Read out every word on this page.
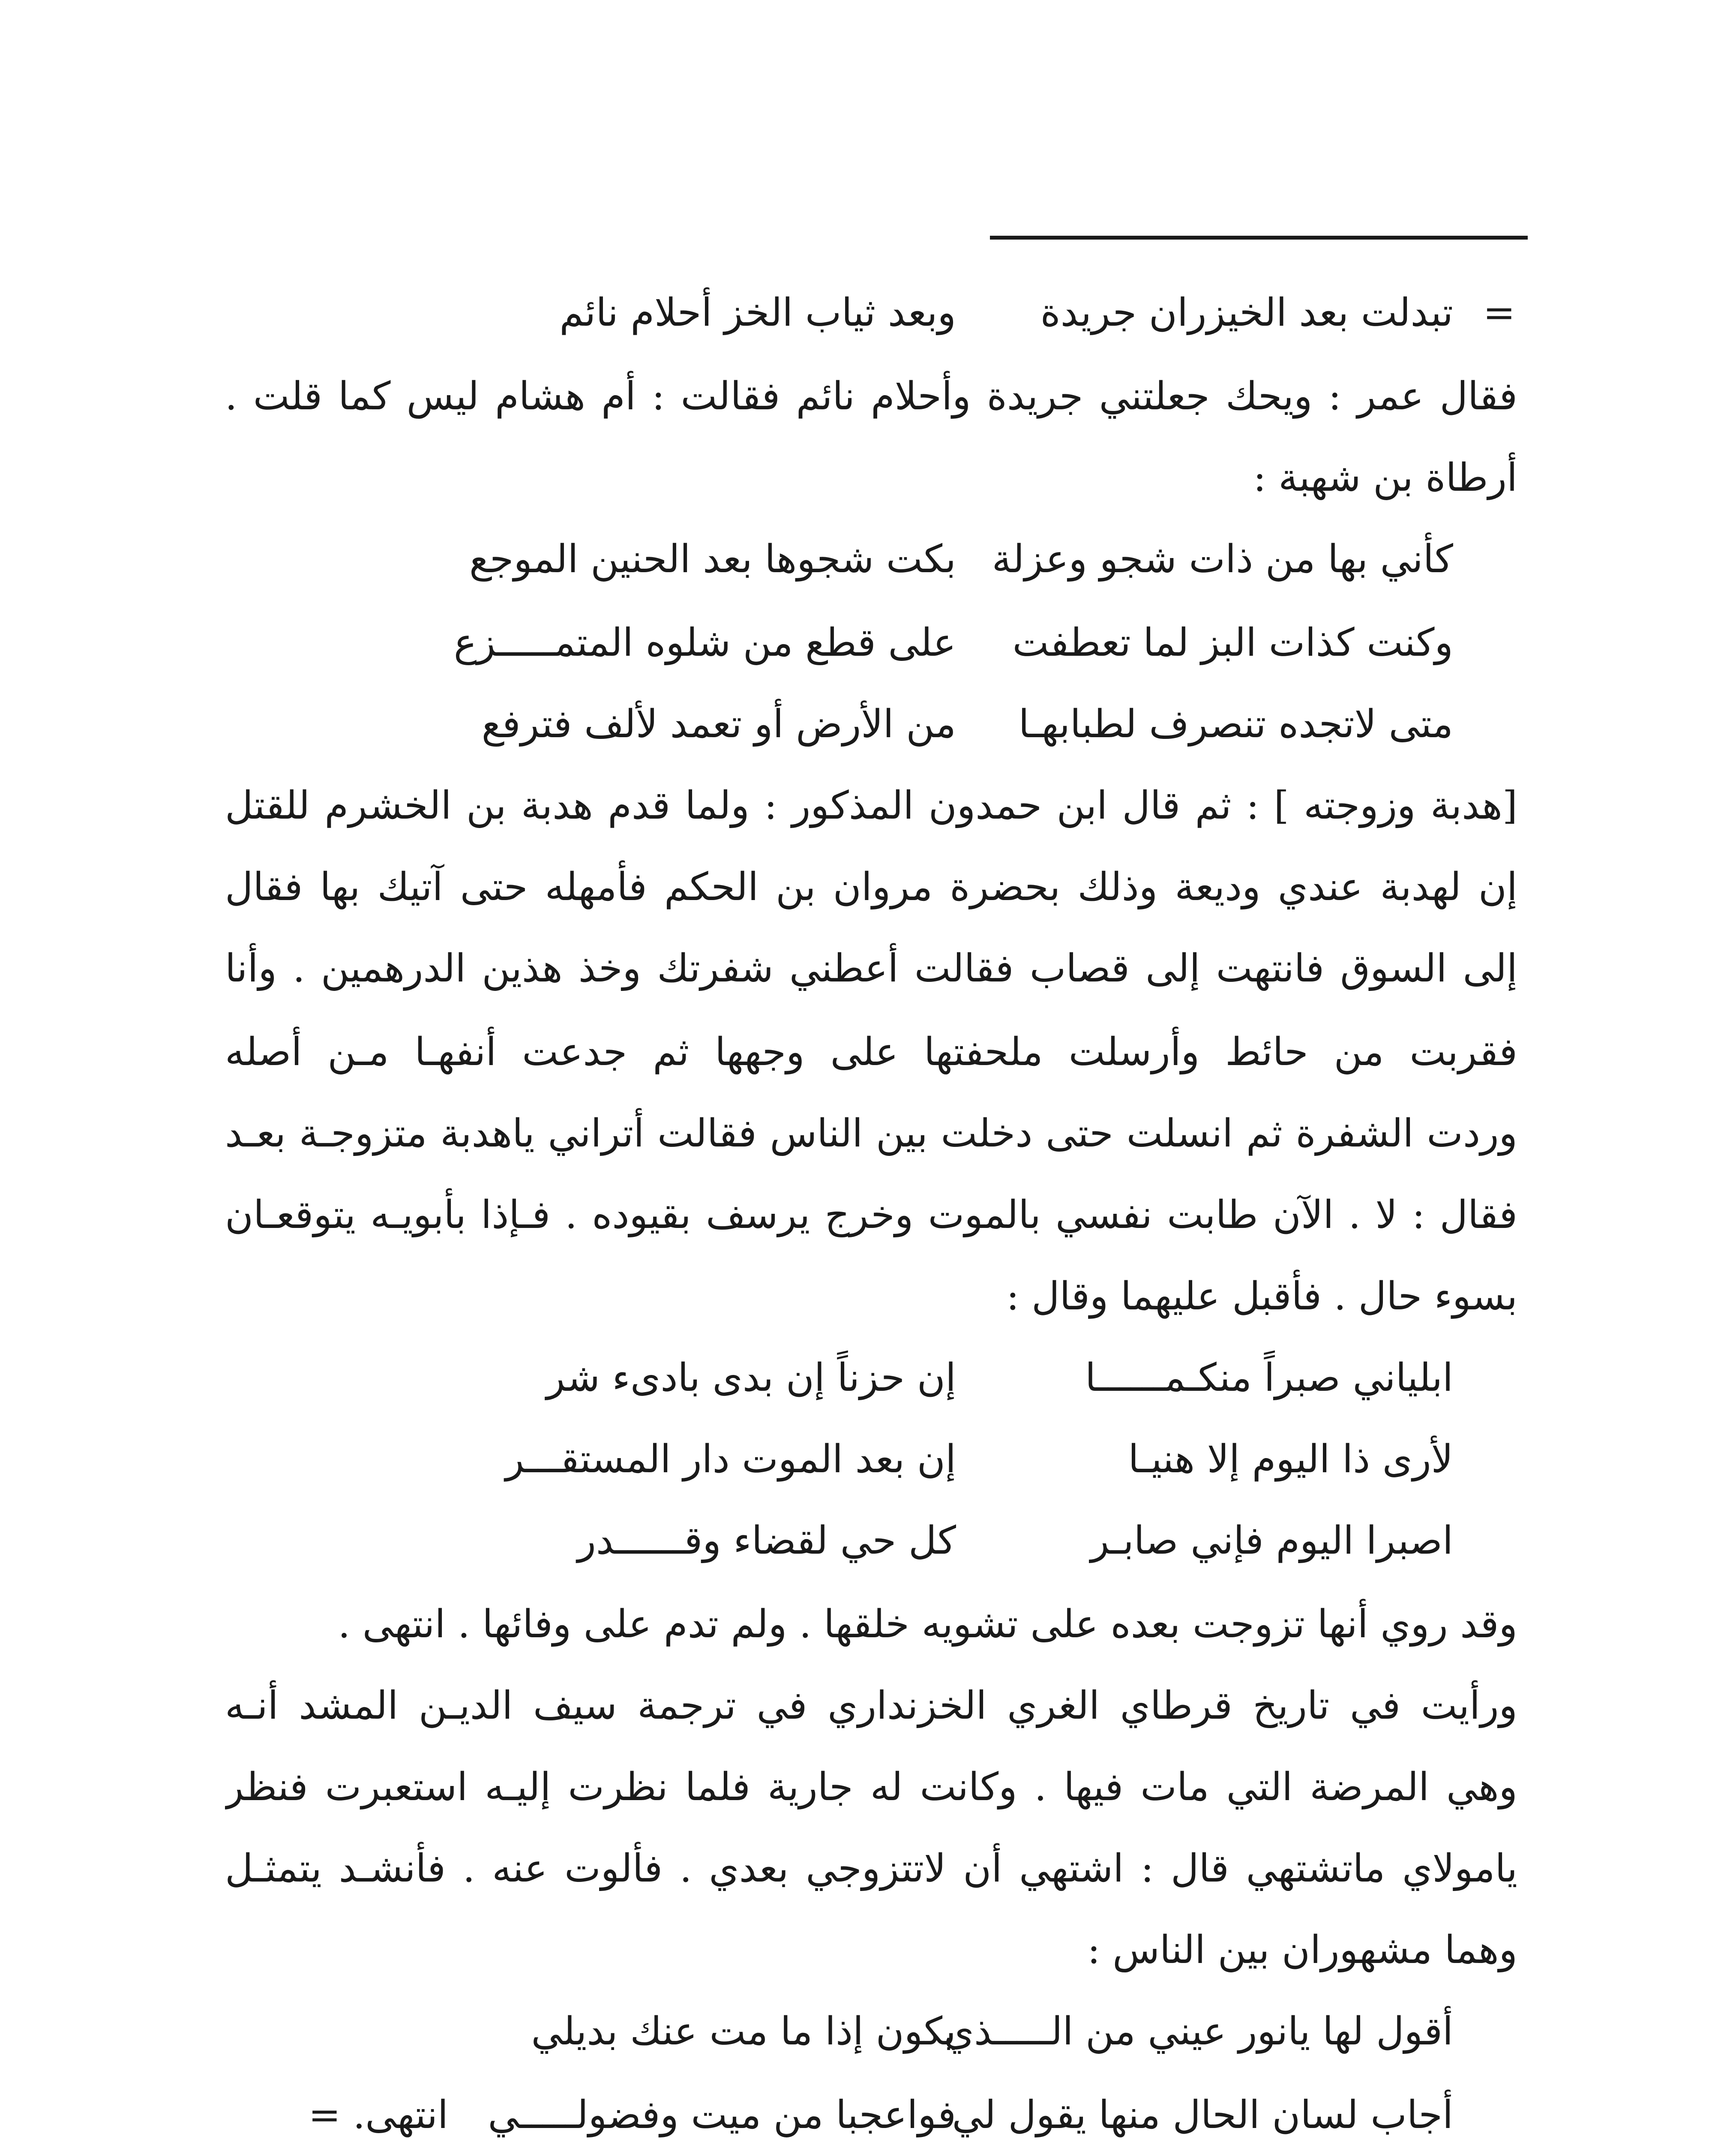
=
تبدلت بعد الخيزران جريدة
وبعد ثياب الخز أحلام نائم
فقال عمر : ويحك جعلتني جريدة وأحلام نائم فقالت : أم هشام ليس كما قلت .
أرطاة بن شهبة :
كأني بها من ذات شجو وعزلة
بكت شجوها بعد الحنين الموجع
وكنت كذات البز لما تعطفت
على قطع من شلوه المتمـــــزع
متى لاتجده تنصرف لطبابهـا
من الأرض أو تعمد لألف فترفع
[هدبة وزوجته ] : ثم قال ابن حمدون المذكور : ولما قدم هدبة بن الخشرم للقتل
إن لهدبة عندي وديعة وذلك بحضرة مروان بن الحكم فأمهله حتى آتيك بها فقال
إلى السوق فانتهت إلى قصاب فقالت أعطني شفرتك وخذ هذين الدرهمين . وأنا
فقربت من حائط وأرسلت ملحفتها على وجهها ثم جدعت أنفهـا مـن أصله
وردت الشفرة ثم انسلت حتى دخلت بين الناس فقالت أتراني ياهدبة متزوجـة بعـد
فقال : لا . الآن طابت نفسي بالموت وخرج يرسف بقيوده . فـإذا بأبويـه يتوقعـان
بسوء حال . فأقبل عليهما وقال :
ابلياني صبراً منكـمــــــا
إن حزناً إن بدى بادىء شر
لأرى ذا اليوم إلا هنيـا
إن بعد الموت دار المستقـــر
اصبرا اليوم فإني صابـر
كل حي لقضاء وقــــــدر
وقد روي أنها تزوجت بعده على تشويه خلقها . ولم تدم على وفائها . انتهى .
ورأيت في تاريخ قرطاي الغري الخزنداري في ترجمة سيف الديـن المشد أنـه
وهي المرضة التي مات فيها . وكانت له جارية فلما نظرت إليـه استعبرت فنظر
يامولاي ماتشتهي قال : اشتهي أن لاتتزوجي بعدي . فألوت عنه . فأنشـد يتمثـل
وهما مشهوران بين الناس :
أقول لها يانور عيني من الـــــذي
يكون إذا ما مت عنك بديلي
أجاب لسان الحال منها يقول لي
فواعجبا من ميت وفضولـــــي
انتهى. =
